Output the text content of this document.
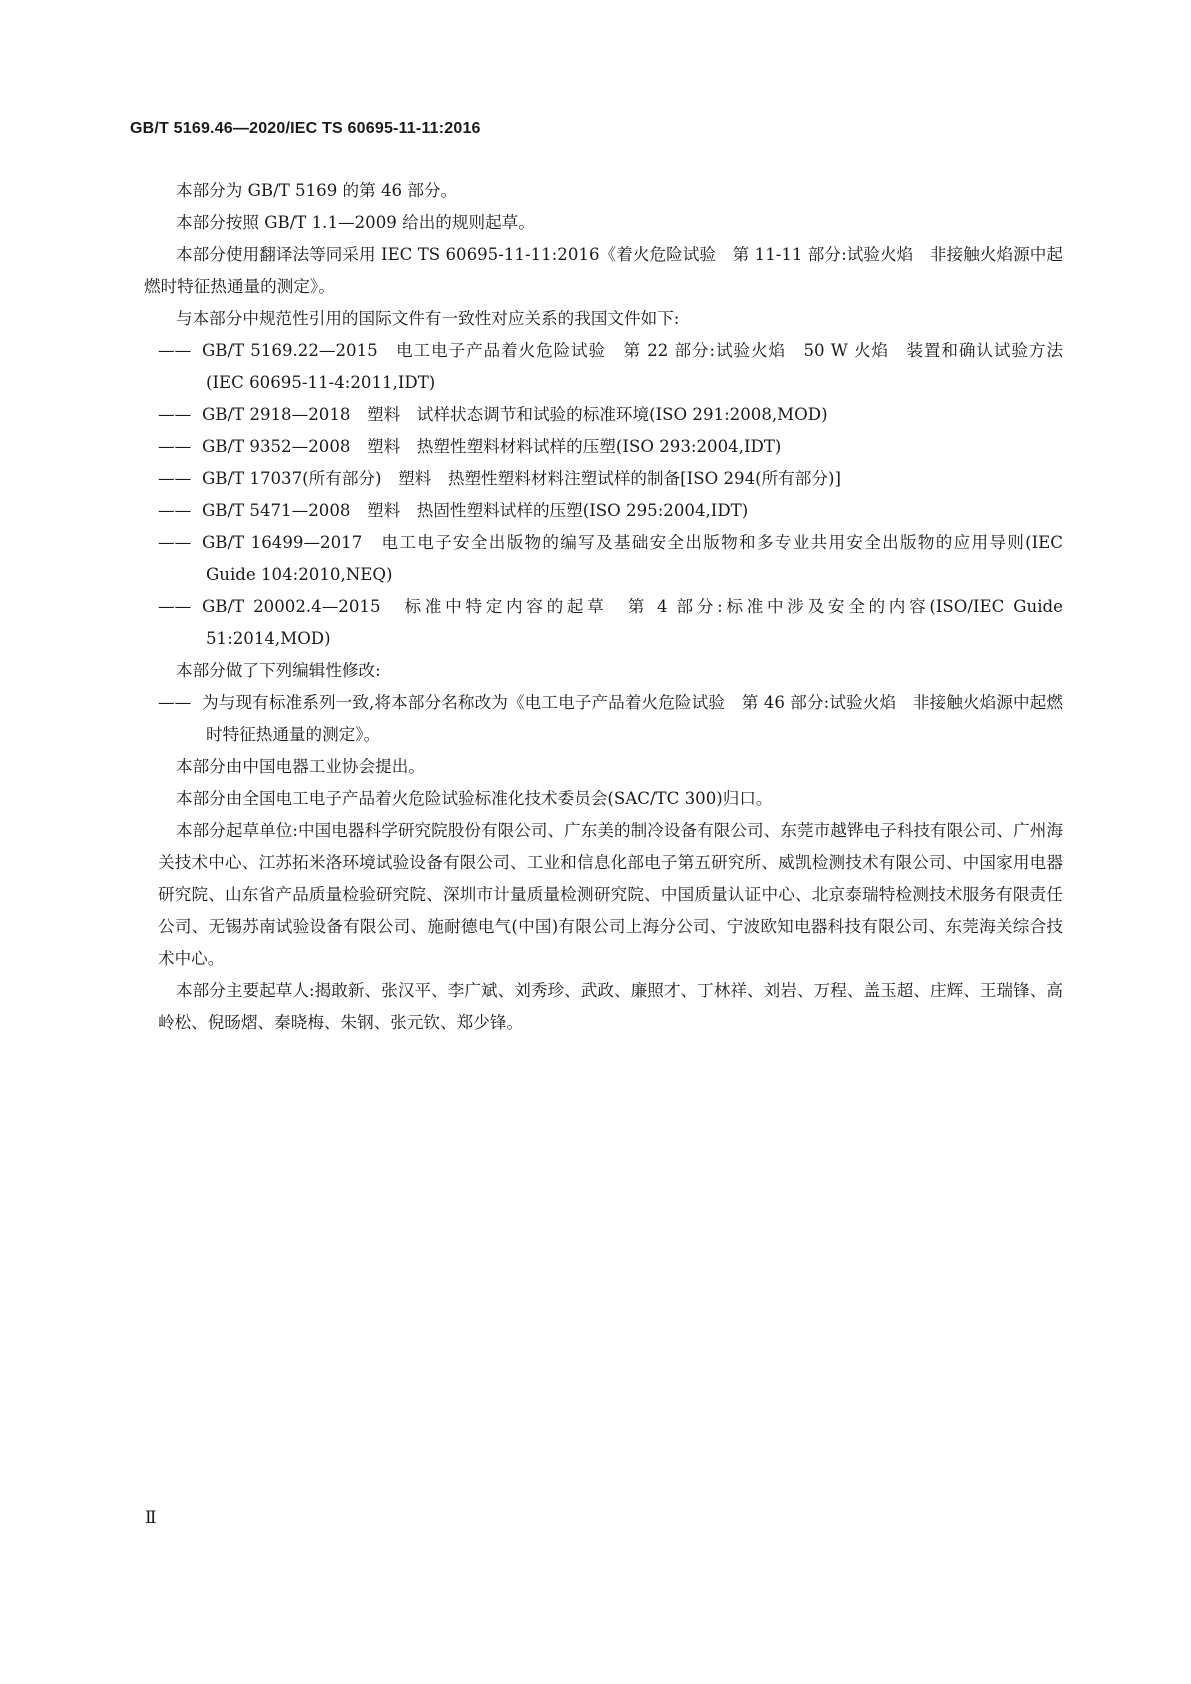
GB/T 5169.46—2020/IEC TS 60695-11-11:2016
本部分为 GB/T 5169 的第 46 部分。
本部分按照 GB/T 1.1—2009 给出的规则起草。
本部分使用翻译法等同采用 IEC TS 60695-11-11:2016《着火危险试验　第 11-11 部分:试验火焰　非接触火焰源中起燃时特征热通量的测定》。
与本部分中规范性引用的国际文件有一致性对应关系的我国文件如下:
—— GB/T 5169.22—2015　电工电子产品着火危险试验　第 22 部分:试验火焰　50 W 火焰　装置和确认试验方法(IEC 60695-11-4:2011,IDT)
—— GB/T 2918—2018　塑料　试样状态调节和试验的标准环境(ISO 291:2008,MOD)
—— GB/T 9352—2008　塑料　热塑性塑料材料试样的压塑(ISO 293:2004,IDT)
—— GB/T 17037(所有部分)　塑料　热塑性塑料材料注塑试样的制备[ISO 294(所有部分)]
—— GB/T 5471—2008　塑料　热固性塑料试样的压塑(ISO 295:2004,IDT)
—— GB/T 16499—2017　电工电子安全出版物的编写及基础安全出版物和多专业共用安全出版物的应用导则(IEC Guide 104:2010,NEQ)
—— GB/T 20002.4—2015　标准中特定内容的起草　第 4 部分:标准中涉及安全的内容(ISO/IEC Guide 51:2014,MOD)
本部分做了下列编辑性修改:
—— 为与现有标准系列一致,将本部分名称改为《电工电子产品着火危险试验　第 46 部分:试验火焰　非接触火焰源中起燃时特征热通量的测定》。
本部分由中国电器工业协会提出。
本部分由全国电工电子产品着火危险试验标准化技术委员会(SAC/TC 300)归口。
本部分起草单位:中国电器科学研究院股份有限公司、广东美的制冷设备有限公司、东莞市越铧电子科技有限公司、广州海关技术中心、江苏拓米洛环境试验设备有限公司、工业和信息化部电子第五研究所、威凯检测技术有限公司、中国家用电器研究院、山东省产品质量检验研究院、深圳市计量质量检测研究院、中国质量认证中心、北京泰瑞特检测技术服务有限责任公司、无锡苏南试验设备有限公司、施耐德电气(中国)有限公司上海分公司、宁波欧知电器科技有限公司、东莞海关综合技术中心。
本部分主要起草人:揭敢新、张汉平、李广斌、刘秀珍、武政、廉照才、丁林祥、刘岩、万程、盖玉超、庄辉、王瑞锋、高岭松、倪旸熠、秦晓梅、朱钢、张元钦、郑少锋。
Ⅱ
